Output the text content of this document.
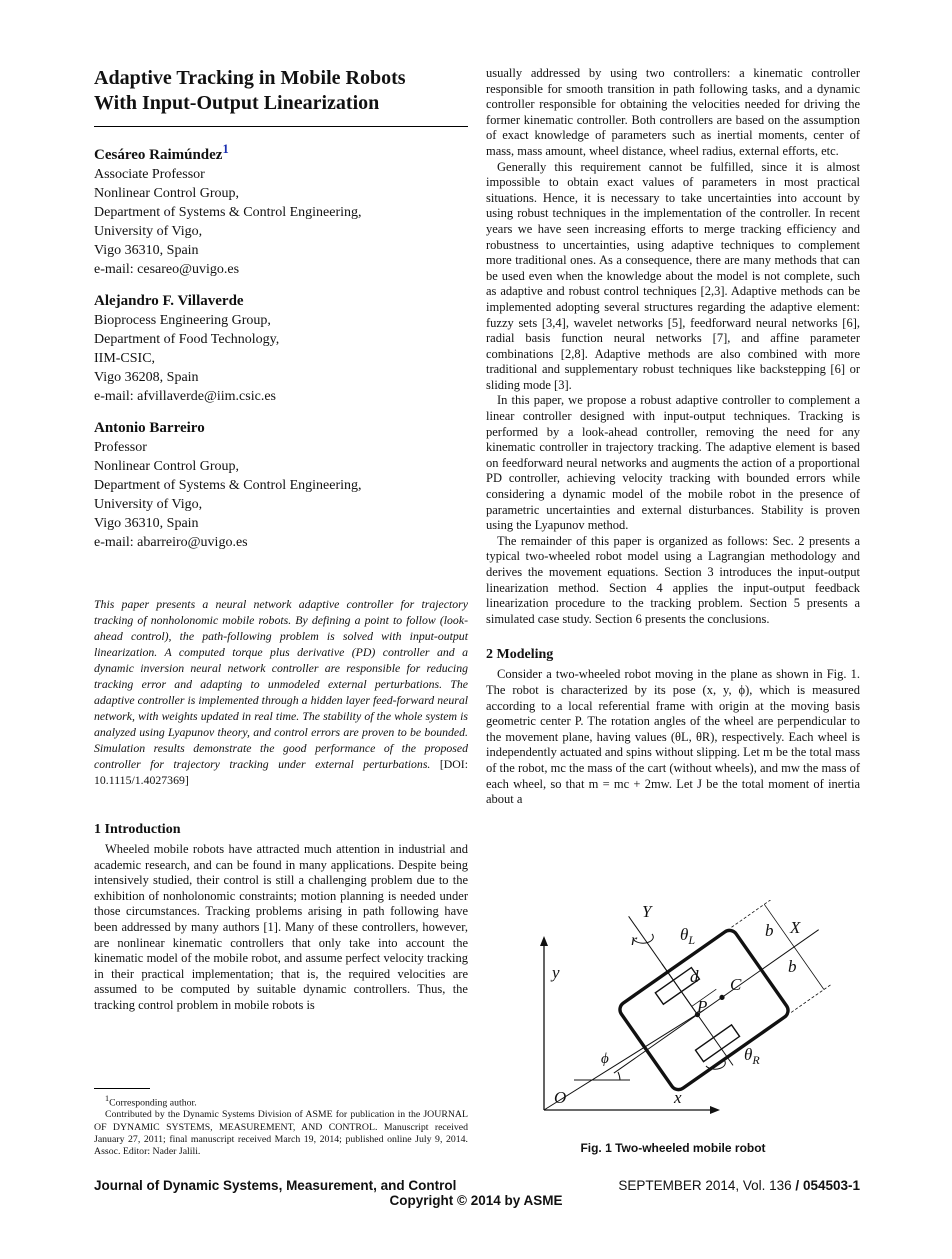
Adaptive Tracking in Mobile Robots
With Input-Output Linearization
Cesáreo Raimúndez$^1$
Associate Professor
Nonlinear Control Group,
Department of Systems & Control Engineering,
University of Vigo,
Vigo 36310, Spain
e-mail: cesareo@uvigo.es
Alejandro F. Villaverde
Bioprocess Engineering Group,
Department of Food Technology,
IIM-CSIC,
Vigo 36208, Spain
e-mail: afvillaverde@iim.csic.es
Antonio Barreiro
Professor
Nonlinear Control Group,
Department of Systems & Control Engineering,
University of Vigo,
Vigo 36310, Spain
e-mail: abarreiro@uvigo.es
This paper presents a neural network adaptive controller for trajectory tracking of nonholonomic mobile robots. By defining a point to follow (look-ahead control), the path-following problem is solved with input-output linearization. A computed torque plus derivative (PD) controller and a dynamic inversion neural network controller are responsible for reducing tracking error and adapting to unmodeled external perturbations. The adaptive controller is implemented through a hidden layer feed-forward neural network, with weights updated in real time. The stability of the whole system is analyzed using Lyapunov theory, and control errors are proven to be bounded. Simulation results demonstrate the good performance of the proposed controller for trajectory tracking under external perturbations. [DOI: 10.1115/1.4027369]
1 Introduction

Wheeled mobile robots have attracted much attention in industrial and academic research, and can be found in many applications. Despite being intensively studied, their control is still a challenging problem due to the exhibition of nonholonomic constraints; motion planning is needed under those circumstances. Tracking problems arising in path following have been addressed by many authors [1]. Many of these controllers, however, are nonlinear kinematic controllers that only take into account the kinematic model of the mobile robot, and assume perfect velocity tracking in their practical implementation; that is, the required velocities are assumed to be computed by suitable dynamic controllers. Thus, the tracking control problem in mobile robots is

usually addressed by using two controllers: a kinematic controller responsible for smooth transition in path following tasks, and a dynamic controller responsible for obtaining the velocities needed for driving the former kinematic controller. Both controllers are based on the assumption of exact knowledge of parameters such as inertial moments, center of mass, mass amount, wheel distance, wheel radius, external efforts, etc.

Generally this requirement cannot be fulfilled, since it is almost impossible to obtain exact values of parameters in most practical situations. Hence, it is necessary to take uncertainties into account by using robust techniques in the implementation of the controller. In recent years we have seen increasing efforts to merge tracking efficiency and robustness to uncertainties, using adaptive techniques to complement more traditional ones. As a consequence, there are many methods that can be used even when the knowledge about the model is not complete, such as adaptive and robust control techniques [2,3]. Adaptive methods can be implemented adopting several structures regarding the adaptive element: fuzzy sets [3,4], wavelet networks [5], feedforward neural networks [6], radial basis function neural networks [7], and affine parameter combinations [2,8]. Adaptive methods are also combined with more traditional and supplementary robust techniques like backstepping [6] or sliding mode [3].

In this paper, we propose a robust adaptive controller to complement a linear controller designed with input-output techniques. Tracking is performed by a look-ahead controller, removing the need for any kinematic controller in trajectory tracking. The adaptive element is based on feedforward neural networks and augments the action of a proportional PD controller, achieving velocity tracking with bounded errors while considering a dynamic model of the mobile robot in the presence of parametric uncertainties and external disturbances. Stability is proven using the Lyapunov method.

The remainder of this paper is organized as follows: Sec. 2 presents a typical two-wheeled robot model using a Lagrangian methodology and derives the movement equations. Section 3 introduces the input-output linearization method. Section 4 applies the input-output feedback linearization procedure to the tracking problem. Section 5 presents a simulated case study. Section 6 presents the conclusions.

2 Modeling

Consider a two-wheeled robot moving in the plane as shown in Fig. 1. The robot is characterized by its pose (x, y, ϕ), which is measured according to a local referential frame with origin at the moving basis geometric center P. The rotation angles of the wheel are perpendicular to the movement plane, having values (θL, θR), respectively. Each wheel is independently actuated and spins without slipping. Let m be the total mass of the robot, mc the mass of the cart (without wheels), and mw the mass of each wheel, so that m = mc + 2mw. Let J be the total moment of inertia about a

Y
X
r	$\theta_L$	b
b
d C
P
y
x
O
ϕ	$\theta_R$
Fig. 1 Two-wheeled mobile robot

$^1$Corresponding author.

Contributed by the Dynamic Systems Division of ASME for publication in the JOURNAL OF DYNAMIC SYSTEMS, MEASUREMENT, AND CONTROL. Manuscript received January 27, 2011; final manuscript received March 19, 2014; published online July 9, 2014. Assoc. Editor: Nader Jalili.

Journal of Dynamic Systems, Measurement, and Control	SEPTEMBER 2014, Vol. 136 / 054503-1
Copyright © 2014 by ASME
